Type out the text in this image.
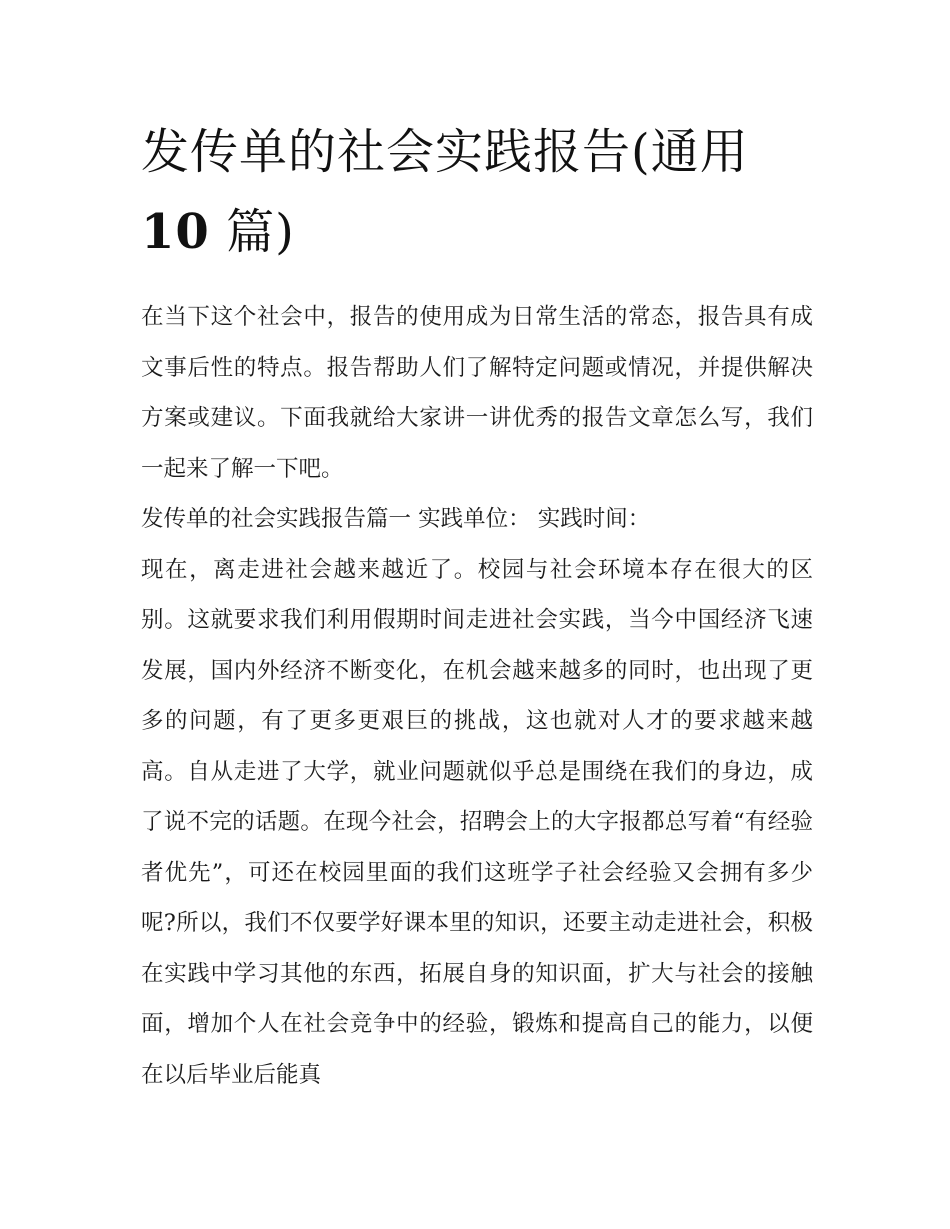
发传单的社会实践报告(通用
10 篇)

在当下这个社会中，报告的使用成为日常生活的常态，报告具有成文事后性的特点。报告帮助人们了解特定问题或情况，并提供解决方案或建议。下面我就给大家讲一讲优秀的报告文章怎么写，我们一起来了解一下吧。

发传单的社会实践报告篇一 实践单位： 实践时间：

现在，离走进社会越来越近了。校园与社会环境本存在很大的区别。这就要求我们利用假期时间走进社会实践，当今中国经济飞速发展，国内外经济不断变化，在机会越来越多的同时，也出现了更多的问题，有了更多更艰巨的挑战，这也就对人才的要求越来越高。自从走进了大学，就业问题就似乎总是围绕在我们的身边，成了说不完的话题。在现今社会，招聘会上的大字报都总写着“有经验者优先”，可还在校园里面的我们这班学子社会经验又会拥有多少呢?所以，我们不仅要学好课本里的知识，还要主动走进社会，积极在实践中学习其他的东西，拓展自身的知识面，扩大与社会的接触面，增加个人在社会竞争中的经验，锻炼和提高自己的能力，以便在以后毕业后能真
